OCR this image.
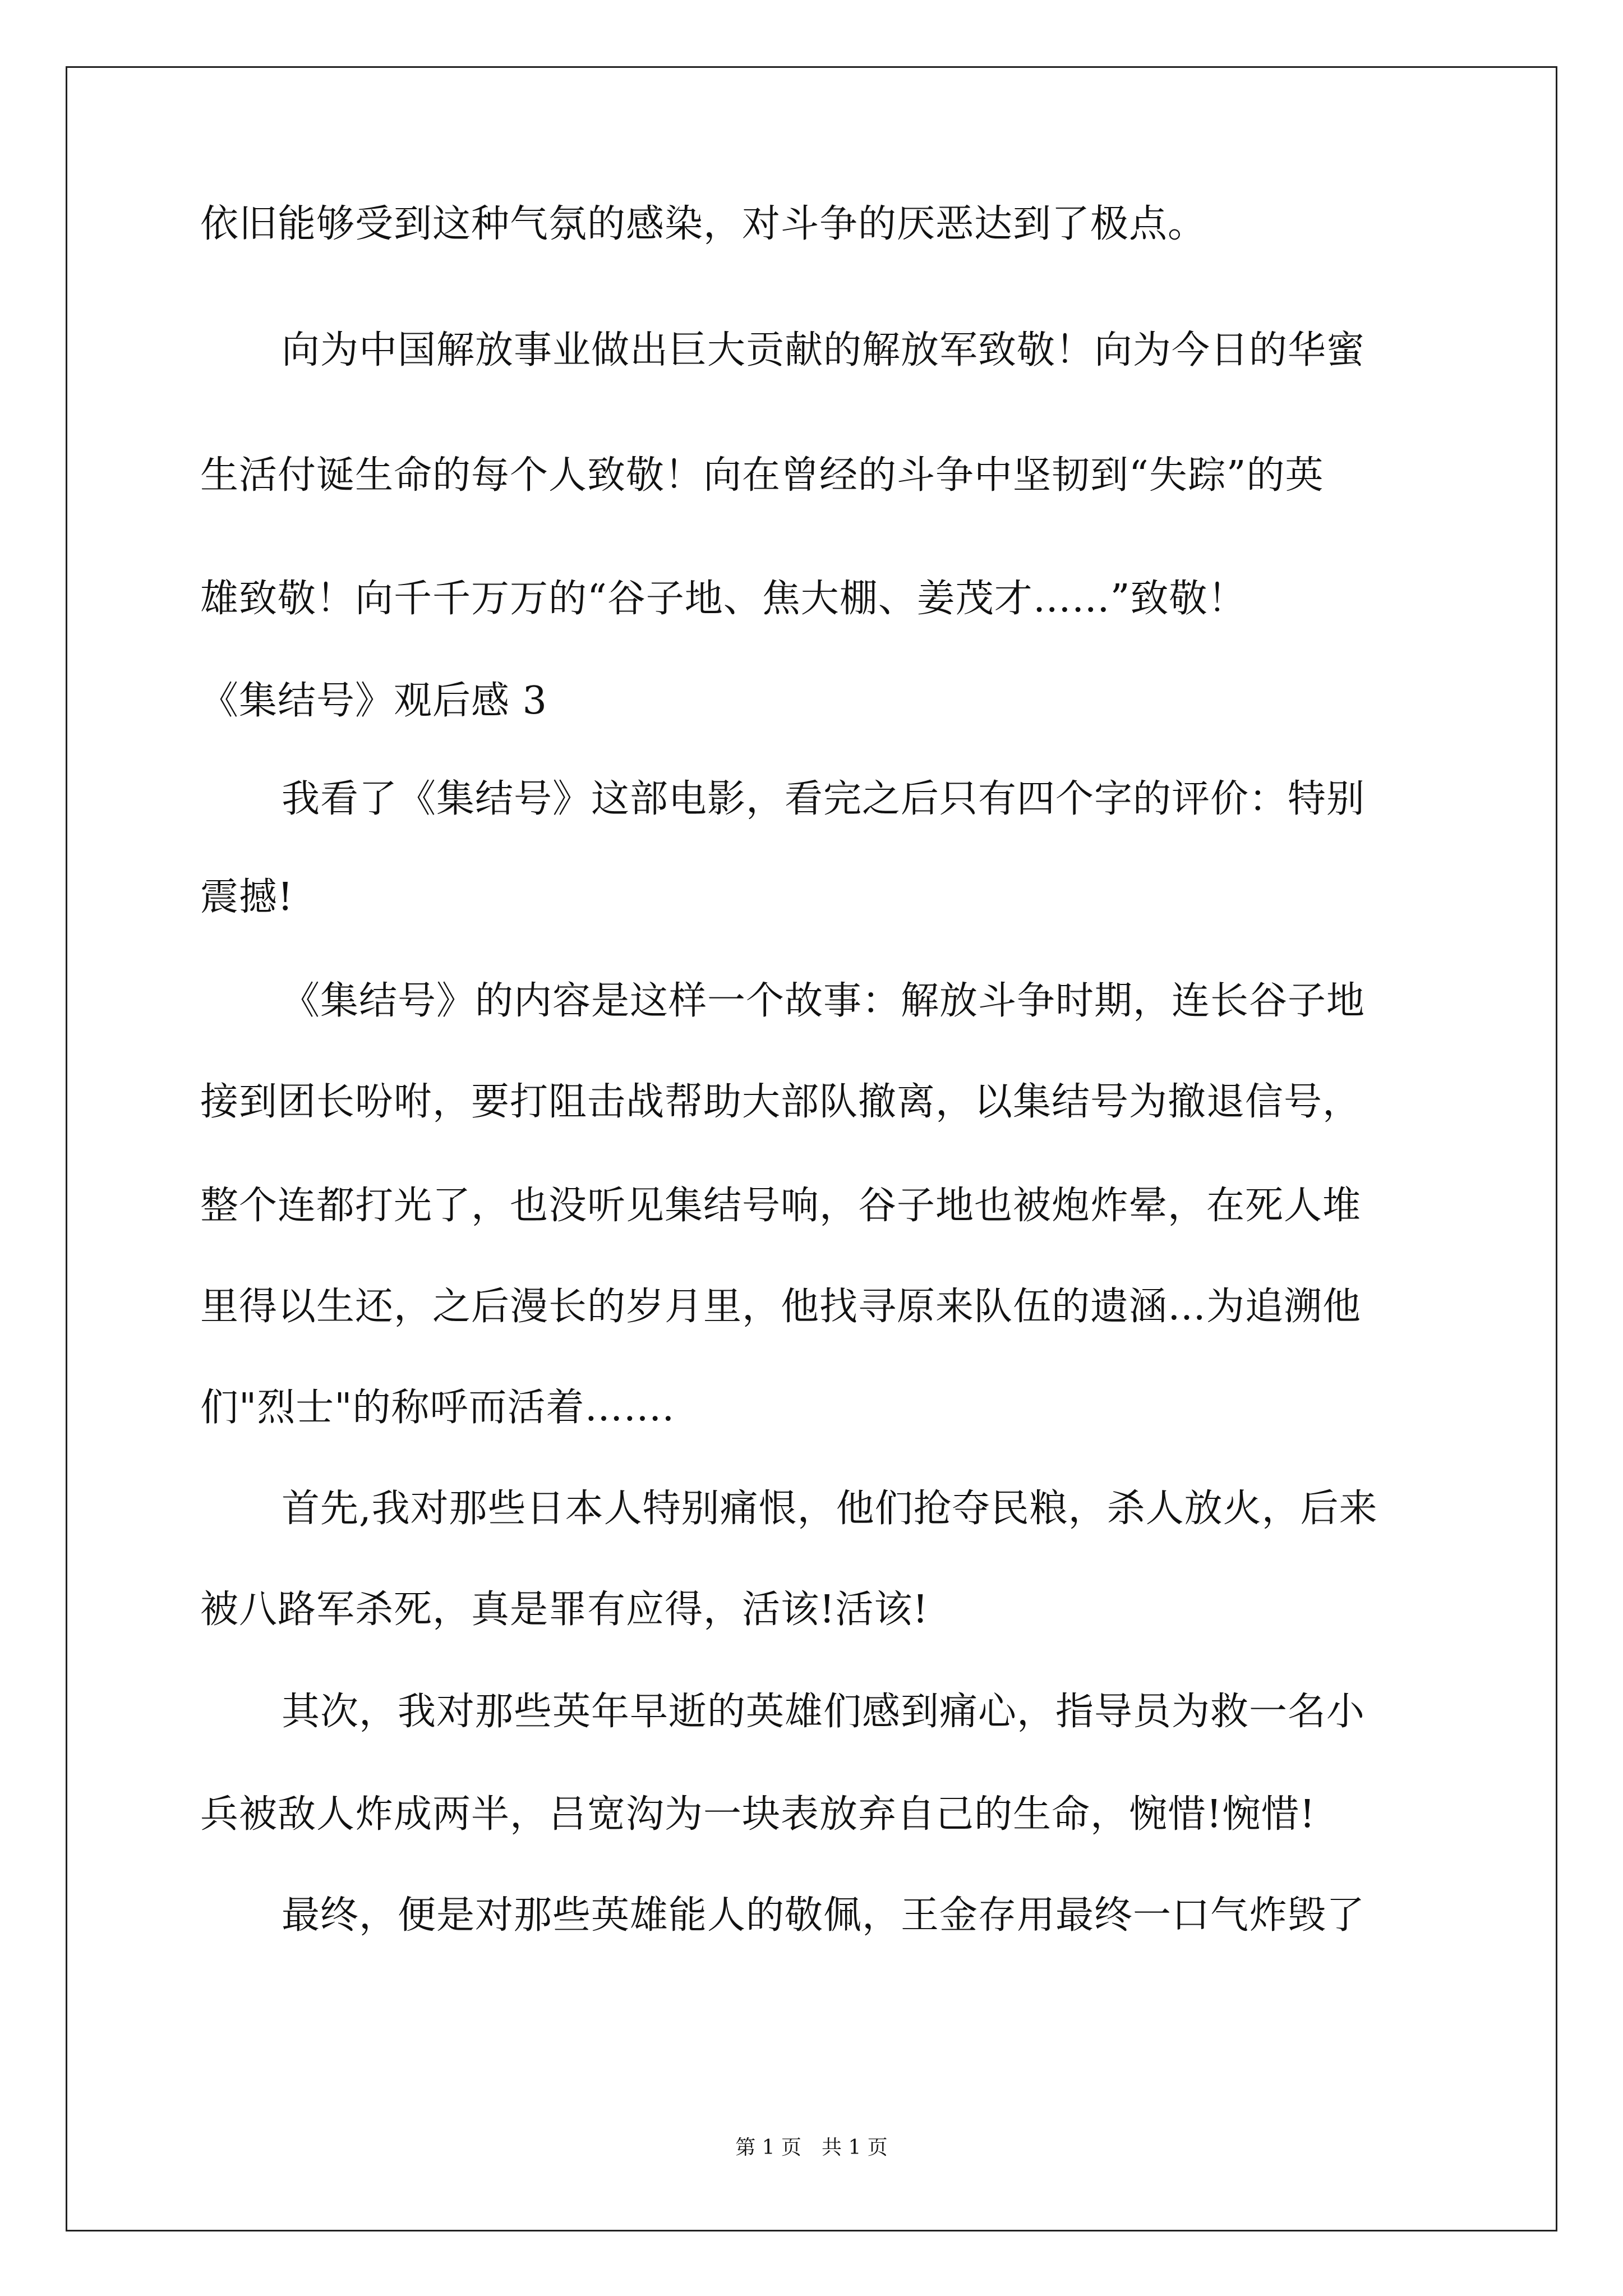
依旧能够受到这种气氛的感染，对斗争的厌恶达到了极点。
向为中国解放事业做出巨大贡献的解放军致敬！向为今日的华蜜
生活付诞生命的每个人致敬！向在曾经的斗争中坚韧到“失踪”的英
雄致敬！向千千万万的“谷子地、焦大棚、姜茂才……”致敬！
《集结号》观后感 3
我看了《集结号》这部电影，看完之后只有四个字的评价：特别
震撼!
《集结号》的内容是这样一个故事：解放斗争时期，连长谷子地
接到团长吩咐，要打阻击战帮助大部队撤离，以集结号为撤退信号，
整个连都打光了，也没听见集结号响，谷子地也被炮炸晕，在死人堆
里得以生还，之后漫长的岁月里，他找寻原来队伍的遗涵…为追溯他
们"烈士"的称呼而活着…….
首先,我对那些日本人特别痛恨，他们抢夺民粮，杀人放火，后来
被八路军杀死，真是罪有应得，活该!活该!
其次，我对那些英年早逝的英雄们感到痛心，指导员为救一名小
兵被敌人炸成两半，吕宽沟为一块表放弃自己的生命，惋惜!惋惜!
最终，便是对那些英雄能人的敬佩，王金存用最终一口气炸毁了
第 1 页　共 1 页
